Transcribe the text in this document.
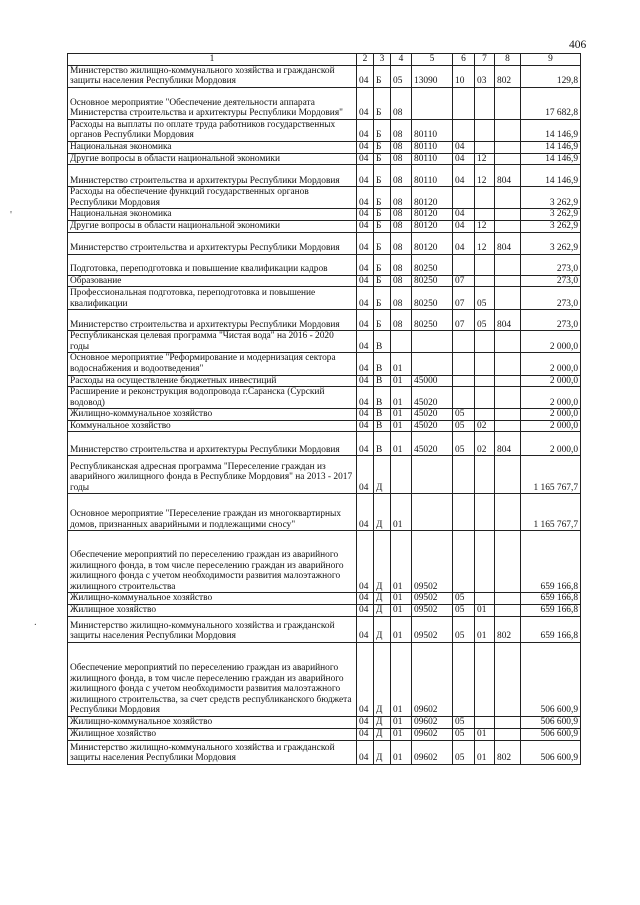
406
'
.
1	2	3	4	5	6	7	8	9
Министерство жилищно-коммунального хозяйства и гражданской защиты населения Республики Мордовия	04	Б	05	13090	10	03	802	129,8
Основное мероприятие "Обеспечение деятельности аппарата Министерства строительства и архитектуры Республики Мордовия"	04	Б	08					17 682,8
Расходы на выплаты по оплате труда работников государственных органов Республики Мордовия	04	Б	08	80110				14 146,9
Национальная экономика	04	Б	08	80110	04			14 146,9
Другие вопросы в области национальной экономики	04	Б	08	80110	04	12		14 146,9
Министерство строительства и архитектуры Республики Мордовия	04	Б	08	80110	04	12	804	14 146,9
Расходы на обеспечение функций государственных органов Республики Мордовия	04	Б	08	80120				3 262,9
Национальная экономика	04	Б	08	80120	04			3 262,9
Другие вопросы в области национальной экономики	04	Б	08	80120	04	12		3 262,9
Министерство строительства и архитектуры Республики Мордовия	04	Б	08	80120	04	12	804	3 262,9
Подготовка, переподготовка и повышение квалификации кадров	04	Б	08	80250				273,0
Образование	04	Б	08	80250	07			273,0
Профессиональная подготовка, переподготовка и повышение квалификации	04	Б	08	80250	07	05		273,0
Министерство строительства и архитектуры Республики Мордовия	04	Б	08	80250	07	05	804	273,0
Республиканская целевая программа "Чистая вода" на 2016 - 2020 годы	04	В						2 000,0
Основное мероприятие "Реформирование и модернизация сектора водоснабжения и водоотведения"	04	В	01					2 000,0
Расходы на осуществление бюджетных инвестиций	04	В	01	45000				2 000,0
Расширение и реконструкция водопровода г.Саранска (Сурский водовод)	04	В	01	45020				2 000,0
Жилищно-коммунальное хозяйство	04	В	01	45020	05			2 000,0
Коммунальное хозяйство	04	В	01	45020	05	02		2 000,0
Министерство строительства и архитектуры Республики Мордовия	04	В	01	45020	05	02	804	2 000,0
Республиканская адресная программа "Переселение граждан из аварийного жилищного фонда в Республике Мордовия" на 2013 - 2017 годы	04	Д						1 165 767,7
Основное мероприятие "Переселение граждан из многоквартирных домов, признанных аварийными и подлежащими сносу"	04	Д	01					1 165 767,7
Обеспечение мероприятий по переселению граждан из аварийного жилищного фонда, в том числе переселению граждан из аварийного жилищного фонда с учетом необходимости развития малоэтажного жилищного строительства	04	Д	01	09502				659 166,8
Жилищно-коммунальное хозяйство	04	Д	01	09502	05			659 166,8
Жилищное хозяйство	04	Д	01	09502	05	01		659 166,8
Министерство жилищно-коммунального хозяйства и гражданской защиты населения Республики Мордовия	04	Д	01	09502	05	01	802	659 166,8
Обеспечение мероприятий по переселению граждан из аварийного жилищного фонда, в том числе переселению граждан из аварийного жилищного фонда с учетом необходимости развития малоэтажного жилищного строительства, за счет средств республиканского бюджета Республики Мордовия	04	Д	01	09602				506 600,9
Жилищно-коммунальное хозяйство	04	Д	01	09602	05			506 600,9
Жилищное хозяйство	04	Д	01	09602	05	01		506 600,9
Министерство жилищно-коммунального хозяйства и гражданской защиты населения Республики Мордовия	04	Д	01	09602	05	01	802	506 600,9
